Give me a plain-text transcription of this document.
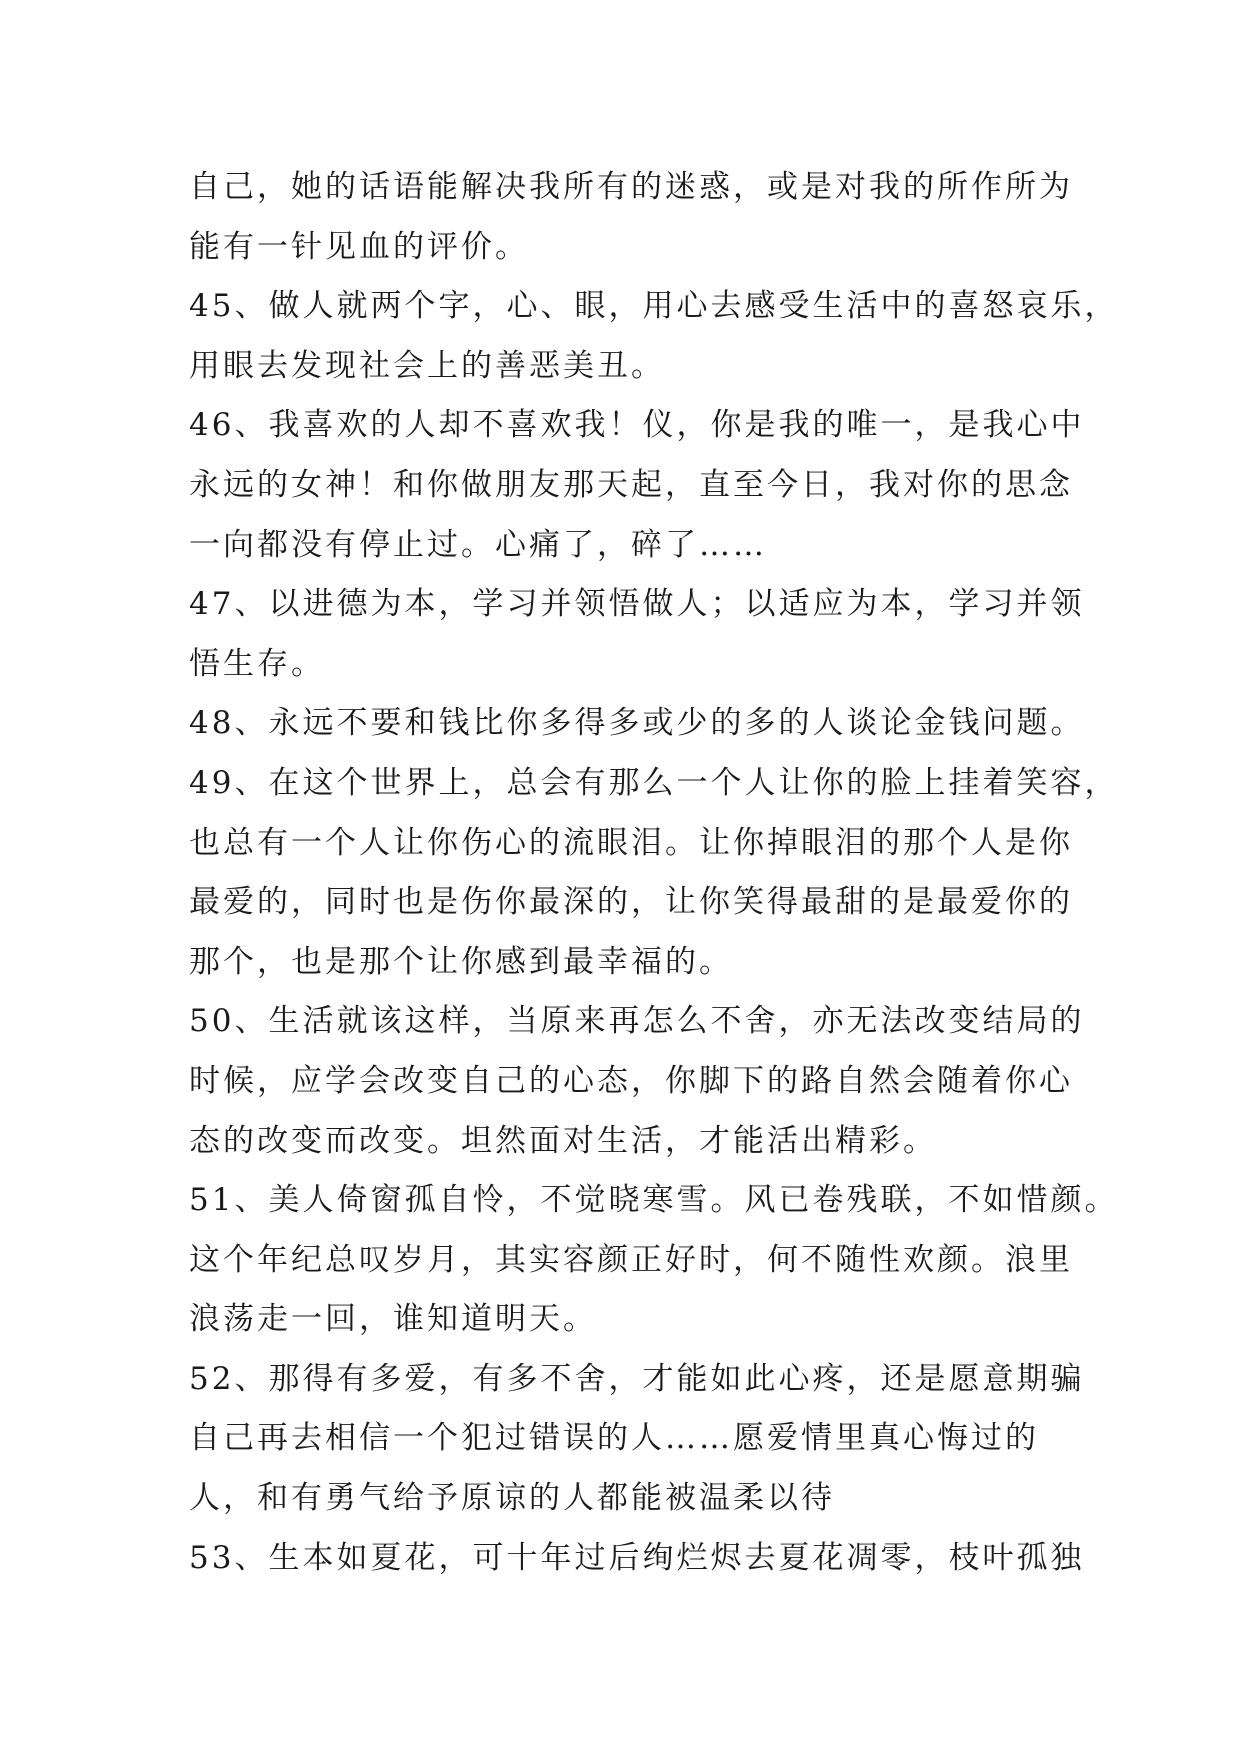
自己，她的话语能解决我所有的迷惑，或是对我的所作所为
能有一针见血的评价。
45、做人就两个字，心、眼，用心去感受生活中的喜怒哀乐，
用眼去发现社会上的善恶美丑。
46、我喜欢的人却不喜欢我！仪，你是我的唯一，是我心中
永远的女神！和你做朋友那天起，直至今日，我对你的思念
一向都没有停止过。心痛了，碎了……
47、以进德为本，学习并领悟做人；以适应为本，学习并领
悟生存。
48、永远不要和钱比你多得多或少的多的人谈论金钱问题。
49、在这个世界上，总会有那么一个人让你的脸上挂着笑容，
也总有一个人让你伤心的流眼泪。让你掉眼泪的那个人是你
最爱的，同时也是伤你最深的，让你笑得最甜的是最爱你的
那个，也是那个让你感到最幸福的。
50、生活就该这样，当原来再怎么不舍，亦无法改变结局的
时候，应学会改变自己的心态，你脚下的路自然会随着你心
态的改变而改变。坦然面对生活，才能活出精彩。
51、美人倚窗孤自怜，不觉晓寒雪。风已卷残联，不如惜颜。
这个年纪总叹岁月，其实容颜正好时，何不随性欢颜。浪里
浪荡走一回，谁知道明天。
52、那得有多爱，有多不舍，才能如此心疼，还是愿意期骗
自己再去相信一个犯过错误的人……愿爱情里真心悔过的
人，和有勇气给予原谅的人都能被温柔以待
53、生本如夏花，可十年过后绚烂烬去夏花凋零，枝叶孤独
